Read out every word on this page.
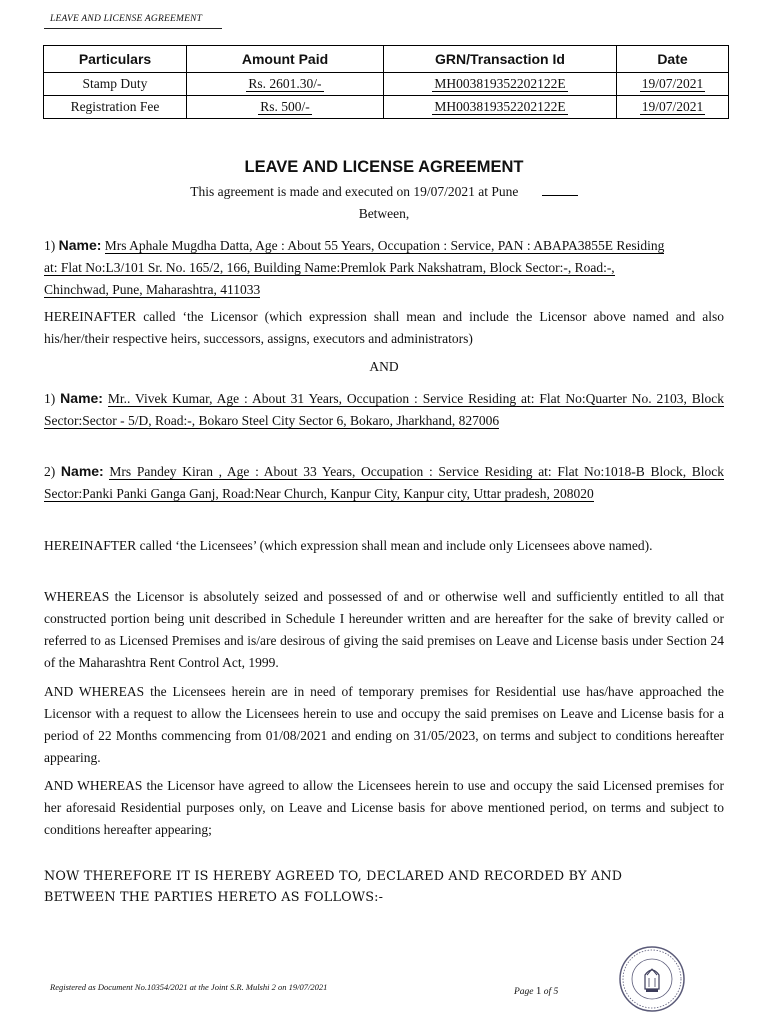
LEAVE AND LICENSE AGREEMENT
Particulars	Amount Paid	GRN/Transaction Id	Date
Stamp Duty	Rs. 2601.30/-	MH003819352202122E	19/07/2021
Registration Fee	Rs. 500/-	MH003819352202122E	19/07/2021
LEAVE AND LICENSE AGREEMENT
This agreement is made and executed on 19/07/2021 at Pune
Between,
1) Name: Mrs Aphale Mugdha Datta, Age : About 55 Years, Occupation : Service, PAN : ABAPA3855E Residing at: Flat No:L3/101 Sr. No. 165/2, 166, Building Name:Premlok Park Nakshatram, Block Sector:-, Road:-, Chinchwad, Pune, Maharashtra, 411033
HEREINAFTER called ‘the Licensor (which expression shall mean and include the Licensor above named and also his/her/their respective heirs, successors, assigns, executors and administrators)
AND
1) Name: Mr.. Vivek Kumar, Age : About 31 Years, Occupation : Service Residing at: Flat No:Quarter No. 2103, Block Sector:Sector - 5/D, Road:-, Bokaro Steel City Sector 6, Bokaro, Jharkhand, 827006
2) Name: Mrs Pandey Kiran , Age : About 33 Years, Occupation : Service Residing at: Flat No:1018-B Block, Block Sector:Panki Panki Ganga Ganj, Road:Near Church, Kanpur City, Kanpur city, Uttar pradesh, 208020
HEREINAFTER called ‘the Licensees’ (which expression shall mean and include only Licensees above named).
WHEREAS the Licensor is absolutely seized and possessed of and or otherwise well and sufficiently entitled to all that constructed portion being unit described in Schedule I hereunder written and are hereafter for the sake of brevity called or referred to as Licensed Premises and is/are desirous of giving the said premises on Leave and License basis under Section 24 of the Maharashtra Rent Control Act, 1999.
AND WHEREAS the Licensees herein are in need of temporary premises for Residential use has/have approached the Licensor with a request to allow the Licensees herein to use and occupy the said premises on Leave and License basis for a period of 22 Months commencing from 01/08/2021 and ending on 31/05/2023, on terms and subject to conditions hereafter appearing.
AND WHEREAS the Licensor have agreed to allow the Licensees herein to use and occupy the said Licensed premises for her aforesaid Residential purposes only, on Leave and License basis for above mentioned period, on terms and subject to conditions hereafter appearing;
NOW THEREFORE IT IS HEREBY AGREED TO, DECLARED AND RECORDED BY AND BETWEEN THE PARTIES HERETO AS FOLLOWS:-
Registered as Document No.10354/2021 at the Joint S.R. Mulshi 2 on 19/07/2021	Page 1 of 5
